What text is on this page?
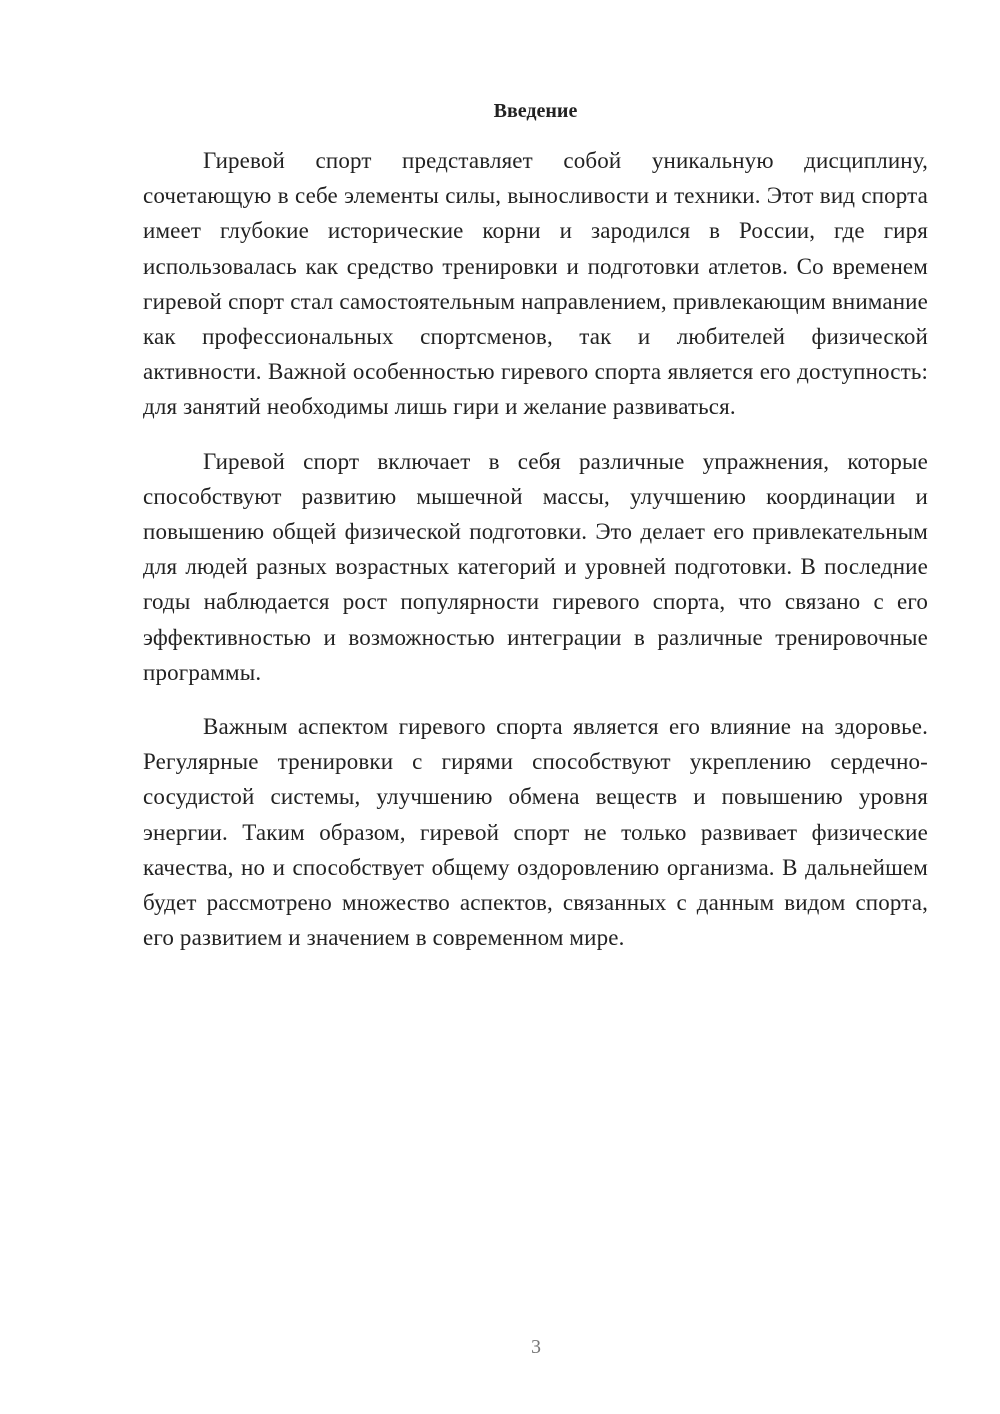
Введение

Гиревой спорт представляет собой уникальную дисциплину, сочетающую в себе элементы силы, выносливости и техники. Этот вид спорта имеет глубокие исторические корни и зародился в России, где гиря использовалась как средство тренировки и подготовки атлетов. Со временем гиревой спорт стал самостоятельным направлением, привлекающим внимание как профессиональных спортсменов, так и любителей физической активности. Важной особенностью гиревого спорта является его доступность: для занятий необходимы лишь гири и желание развиваться.

Гиревой спорт включает в себя различные упражнения, которые способствуют развитию мышечной массы, улучшению координации и повышению общей физической подготовки. Это делает его привлекательным для людей разных возрастных категорий и уровней подготовки. В последние годы наблюдается рост популярности гиревого спорта, что связано с его эффективностью и возможностью интеграции в различные тренировочные программы.

Важным аспектом гиревого спорта является его влияние на здоровье. Регулярные тренировки с гирями способствуют укреплению сердечно-сосудистой системы, улучшению обмена веществ и повышению уровня энергии. Таким образом, гиревой спорт не только развивает физические качества, но и способствует общему оздоровлению организма. В дальнейшем будет рассмотрено множество аспектов, связанных с данным видом спорта, его развитием и значением в современном мире.

3
